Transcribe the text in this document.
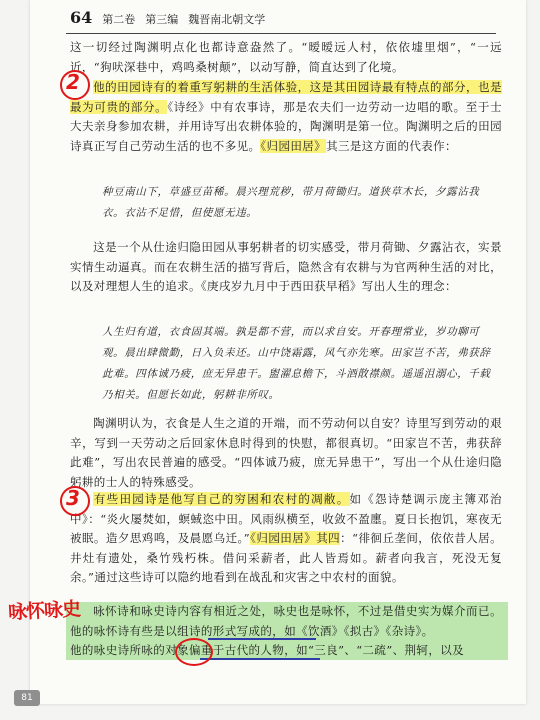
64 第二卷 第三编 魏晋南北朝文学
这一切经过陶渊明点化也都诗意盎然了。“暧暧远人村，依依墟里烟”，“一远近，“狗吠深巷中，鸡鸣桑树颠”，以动写静，简直达到了化境。
他的田园诗有的着重写躬耕的生活体验，这是其田园诗最有特点的部分，也是最为可贵的部分。《诗经》中有农事诗，那是农夫们一边劳动一边唱的歌。至于士大夫亲身参加农耕，并用诗写出农耕体验的，陶渊明是第一位。陶渊明之后的田园诗真正写自己劳动生活的也不多见。《归园田居》其三是这方面的代表作：
种豆南山下，草盛豆苗稀。晨兴理荒秽，带月荷锄归。道狭草木长，夕露沾我衣。衣沾不足惜，但使愿无违。
这是一个从仕途归隐田园从事躬耕者的切实感受，带月荷锄、夕露沾衣，实景实情生动逼真。而在农耕生活的描写背后，隐然含有农耕与为官两种生活的对比，以及对理想人生的追求。《庚戌岁九月中于西田获早稻》写出人生的理念：
人生归有道，衣食固其端。孰是都不营，而以求自安。开春理常业，岁功聊可观。晨出肆微勤，日入负耒还。山中饶霜露，风气亦先寒。田家岂不苦，弗获辞此难。四体诚乃疲，庶无异患干。盥濯息檐下，斗酒散襟颜。遥遥沮溺心，千载乃相关。但愿长如此，躬耕非所叹。
陶渊明认为，衣食是人生之道的开端，而不劳动何以自安？诗里写到劳动的艰辛，写到一天劳动之后回家休息时得到的快慰，都很真切。“田家岂不苦，弗获辞此难”，写出农民普遍的感受。“四体诚乃疲，庶无异患干”，写出一个从仕途归隐躬耕的士人的特殊感受。
有些田园诗是他写自己的穷困和农村的凋敝。如《怨诗楚调示庞主簿邓治中》：“炎火屡焚如，螟蜮恣中田。风雨纵横至，收敛不盈廛。夏日长抱饥，寒夜无被眠。造夕思鸡鸣，及晨愿乌迁。”《归园田居》其四：“徘徊丘垄间，依依昔人居。井灶有遗处，桑竹残朽株。借问采薪者，此人皆焉如。薪者向我言，死没无复余。”通过这些诗可以隐约地看到在战乱和灾害之中农村的面貌。
咏怀诗和咏史诗内容有相近之处，咏史也是咏怀，不过是借史实为媒介而已。他的咏怀诗有些是以组诗的形式写成的，如《饮酒》《拟古》《杂诗》。
他的咏史诗所咏的对象偏重于古代的人物，如“三良”、“二疏”、荆轲，以及
2
3
咏怀咏史
81
